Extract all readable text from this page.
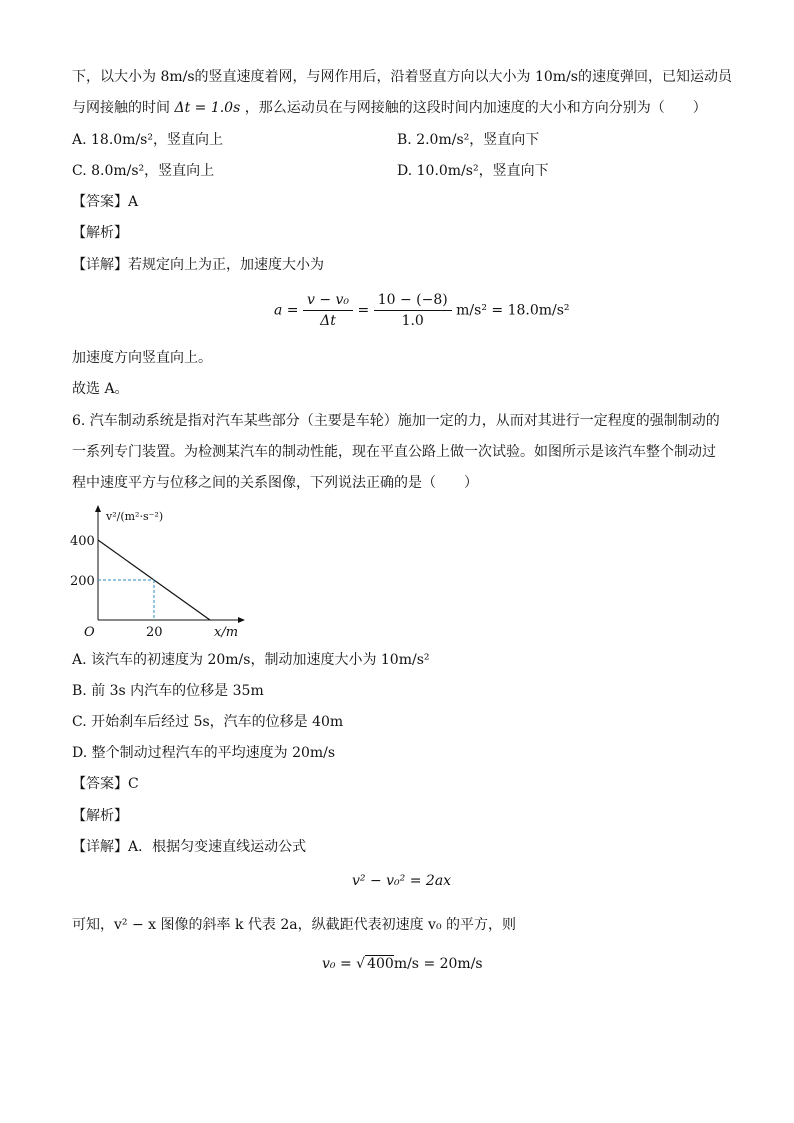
下，以大小为 8m/s的竖直速度着网，与网作用后，沿着竖直方向以大小为 10m/s的速度弹回，已知运动员
与网接触的时间 Δt = 1.0s ，那么运动员在与网接触的这段时间内加速度的大小和方向分别为（　　）
A. 18.0m/s²，竖直向上	B. 2.0m/s²，竖直向下
C. 8.0m/s²，竖直向上	D. 10.0m/s²，竖直向下
【答案】A
【解析】
【详解】若规定向上为正，加速度大小为
$a = \frac{\text{v − v₀}}{\Delta t} = \frac{10 - (-8)}{1.0} m/s^2 = 18.0m/s^2$
加速度方向竖直向上。
故选 A。
6. 汽车制动系统是指对汽车某些部分（主要是车轮）施加一定的力，从而对其进行一定程度的强制制动的
一系列专门装置。为检测某汽车的制动性能，现在平直公路上做一次试验。如图所示是该汽车整个制动过
程中速度平方与位移之间的关系图像，下列说法正确的是（　　）
v²/(m²·s⁻²)
400
200
20
O	x/m
A. 该汽车的初速度为 20m/s，制动加速度大小为 10m/s²
B. 前 3s 内汽车的位移是 35m
C. 开始刹车后经过 5s，汽车的位移是 40m
D. 整个制动过程汽车的平均速度为 20m/s
【答案】C
【解析】
【详解】A．根据匀变速直线运动公式
v² − v₀² = 2ax
可知，v² − x 图像的斜率 k 代表 2a，纵截距代表初速度 v₀ 的平方，则
v₀ = √ 400m/s = 20m/s
